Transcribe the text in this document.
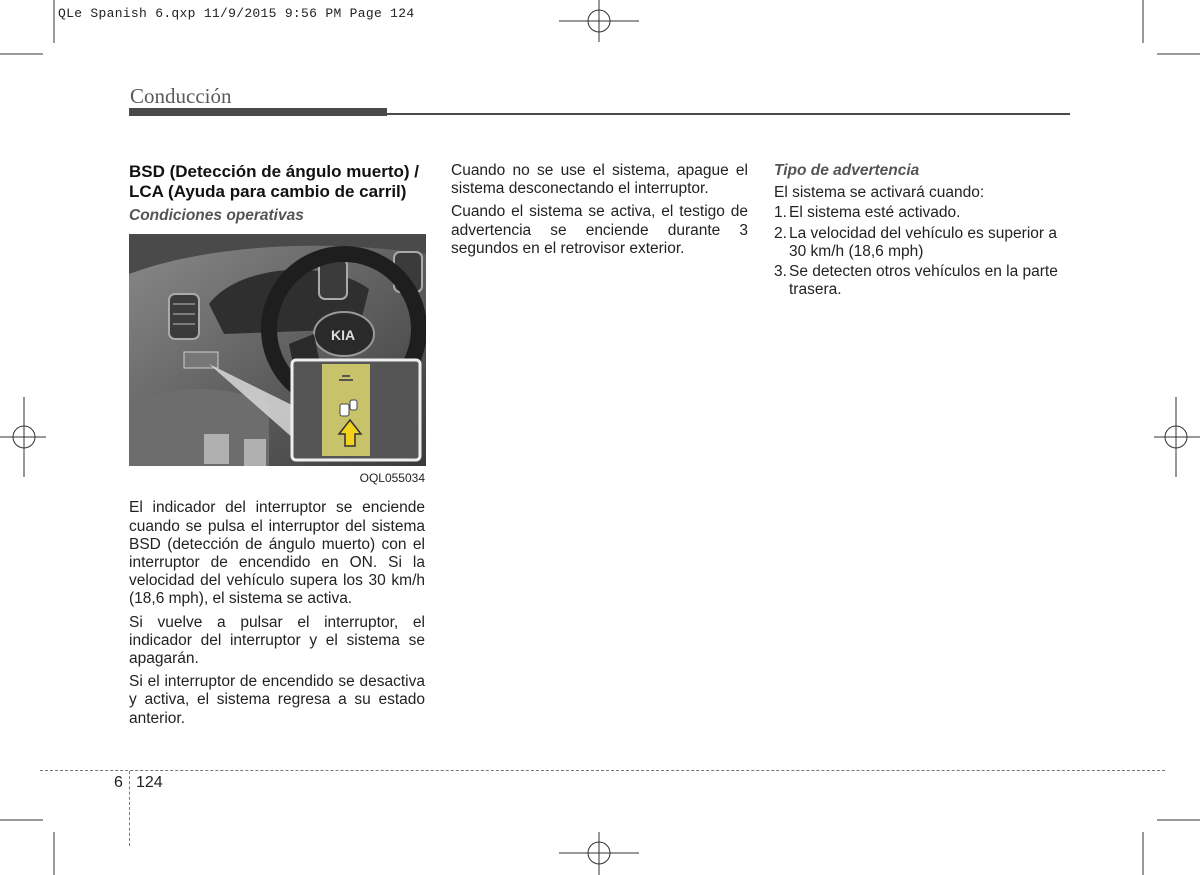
QLe Spanish 6.qxp 11/9/2015 9:56 PM Page 124
Conducción
BSD (Detección de ángulo muerto) / LCA (Ayuda para cambio de carril)
Condiciones operativas
KIA
OQL055034

El indicador del interruptor se enciende cuando se pulsa el interruptor del sistema BSD (detección de ángulo muerto) con el interruptor de encendido en ON. Si la velocidad del vehículo supera los 30 km/h (18,6 mph), el sistema se activa.

Si vuelve a pulsar el interruptor, el indicador del interruptor y el sistema se apagarán.

Si el interruptor de encendido se desactiva y activa, el sistema regresa a su estado anterior.

Cuando no se use el sistema, apague el sistema desconectando el interruptor.

Cuando el sistema se activa, el testigo de advertencia se enciende durante 3 segundos en el retrovisor exterior.

Tipo de advertencia

El sistema se activará cuando:

1. El sistema esté activado.
2. La velocidad del vehículo es superior a 30 km/h (18,6 mph)
3. Se detecten otros vehículos en la parte trasera.
6 124
